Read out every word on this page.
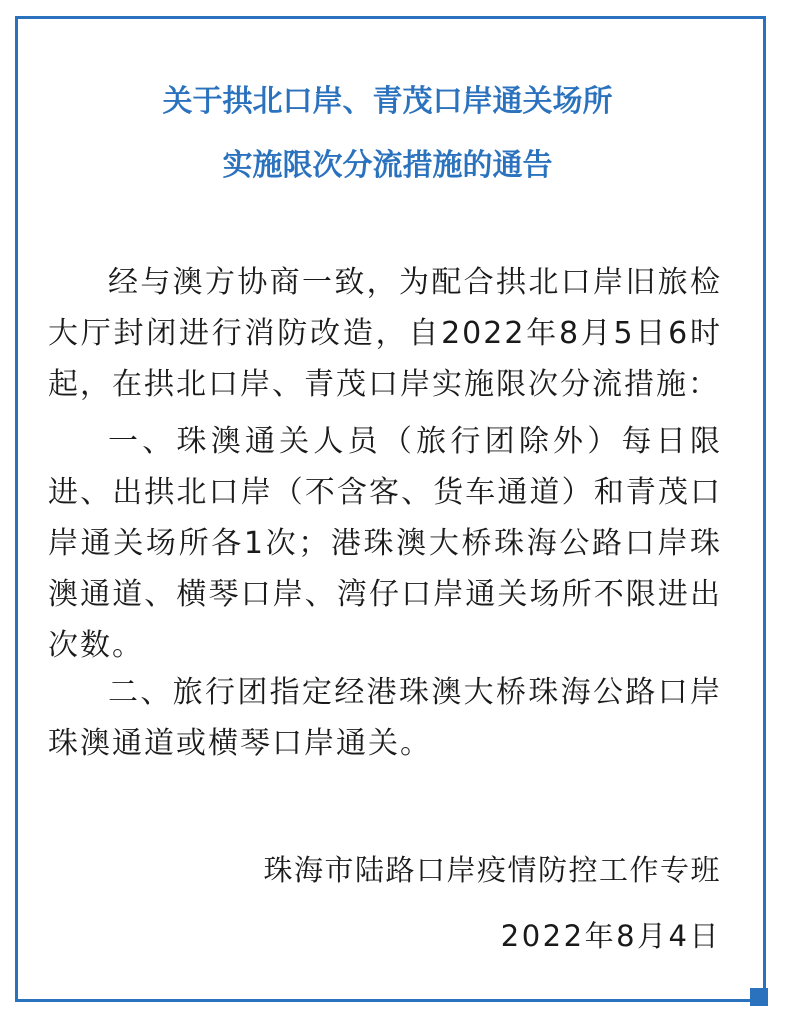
关于拱北口岸、青茂口岸通关场所
实施限次分流措施的通告
经与澳方协商一致，为配合拱北口岸旧旅检大厅封闭进行消防改造，自2022年8月5日6时起，在拱北口岸、青茂口岸实施限次分流措施：
一、珠澳通关人员（旅行团除外）每日限进、出拱北口岸（不含客、货车通道）和青茂口岸通关场所各1次；港珠澳大桥珠海公路口岸珠澳通道、横琴口岸、湾仔口岸通关场所不限进出次数。
二、旅行团指定经港珠澳大桥珠海公路口岸珠澳通道或横琴口岸通关。
珠海市陆路口岸疫情防控工作专班
2022年8月4日
